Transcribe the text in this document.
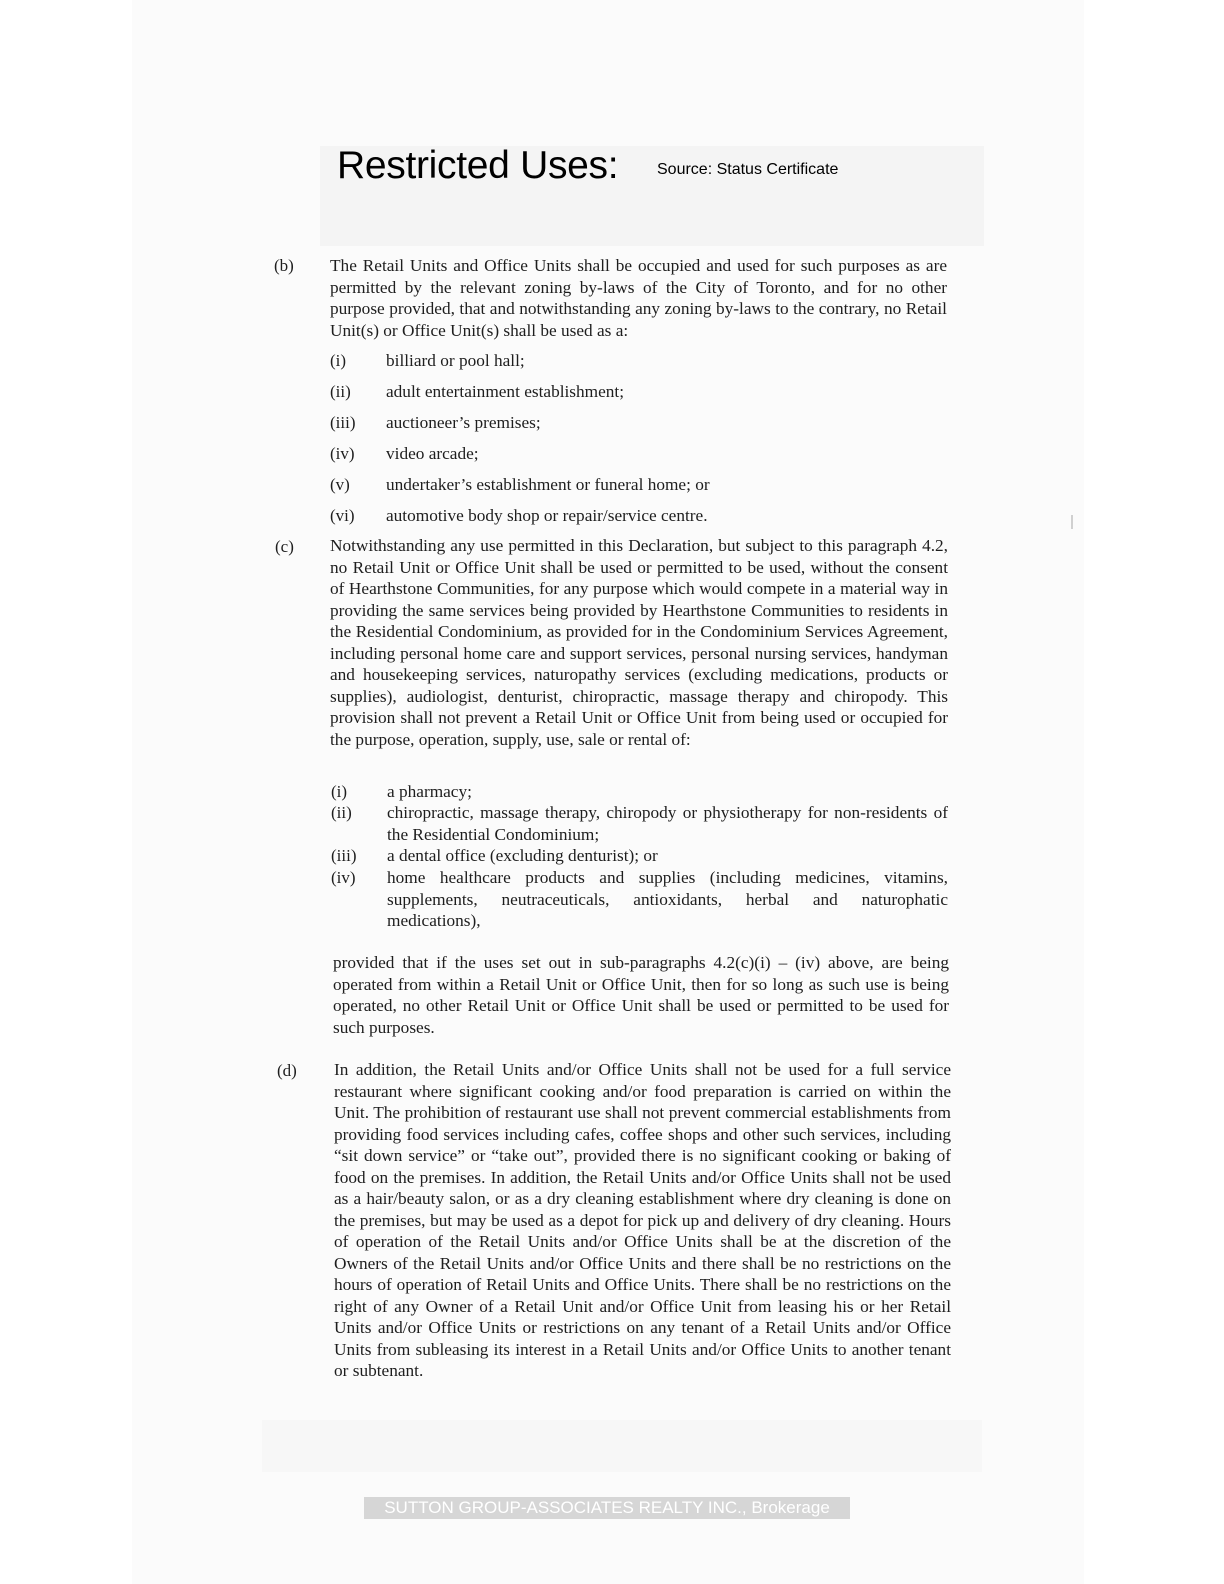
Restricted Uses: Source: Status Certificate
(b) The Retail Units and Office Units shall be occupied and used for such purposes as are permitted by the relevant zoning by-laws of the City of Toronto, and for no other purpose provided, that and notwithstanding any zoning by-laws to the contrary, no Retail Unit(s) or Office Unit(s) shall be used as a:

(i) billiard or pool hall;
(ii) adult entertainment establishment;
(iii) auctioneer’s premises;
(iv) video arcade;
(v) undertaker’s establishment or funeral home; or
(vi) automotive body shop or repair/service centre.
(c) Notwithstanding any use permitted in this Declaration, but subject to this paragraph 4.2, no Retail Unit or Office Unit shall be used or permitted to be used, without the consent of Hearthstone Communities, for any purpose which would compete in a material way in providing the same services being provided by Hearthstone Communities to residents in the Residential Condominium, as provided for in the Condominium Services Agreement, including personal home care and support services, personal nursing services, handyman and housekeeping services, naturopathy services (excluding medications, products or supplies), audiologist, denturist, chiropractic, massage therapy and chiropody. This provision shall not prevent a Retail Unit or Office Unit from being used or occupied for the purpose, operation, supply, use, sale or rental of:

(i) a pharmacy;
(ii) chiropractic, massage therapy, chiropody or physiotherapy for non-residents of the Residential Condominium;
(iii) a dental office (excluding denturist); or
(iv) home healthcare products and supplies (including medicines, vitamins, supplements, neutraceuticals, antioxidants, herbal and naturophatic medications),

provided that if the uses set out in sub-paragraphs 4.2(c)(i) – (iv) above, are being operated from within a Retail Unit or Office Unit, then for so long as such use is being operated, no other Retail Unit or Office Unit shall be used or permitted to be used for such purposes.

(d) In addition, the Retail Units and/or Office Units shall not be used for a full service restaurant where significant cooking and/or food preparation is carried on within the Unit. The prohibition of restaurant use shall not prevent commercial establishments from providing food services including cafes, coffee shops and other such services, including “sit down service” or “take out”, provided there is no significant cooking or baking of food on the premises. In addition, the Retail Units and/or Office Units shall not be used as a hair/beauty salon, or as a dry cleaning establishment where dry cleaning is done on the premises, but may be used as a depot for pick up and delivery of dry cleaning. Hours of operation of the Retail Units and/or Office Units shall be at the discretion of the Owners of the Retail Units and/or Office Units and there shall be no restrictions on the hours of operation of Retail Units and Office Units. There shall be no restrictions on the right of any Owner of a Retail Unit and/or Office Unit from leasing his or her Retail Units and/or Office Units or restrictions on any tenant of a Retail Units and/or Office Units from subleasing its interest in a Retail Units and/or Office Units to another tenant or subtenant.

SUTTON GROUP-ASSOCIATES REALTY INC., Brokerage
